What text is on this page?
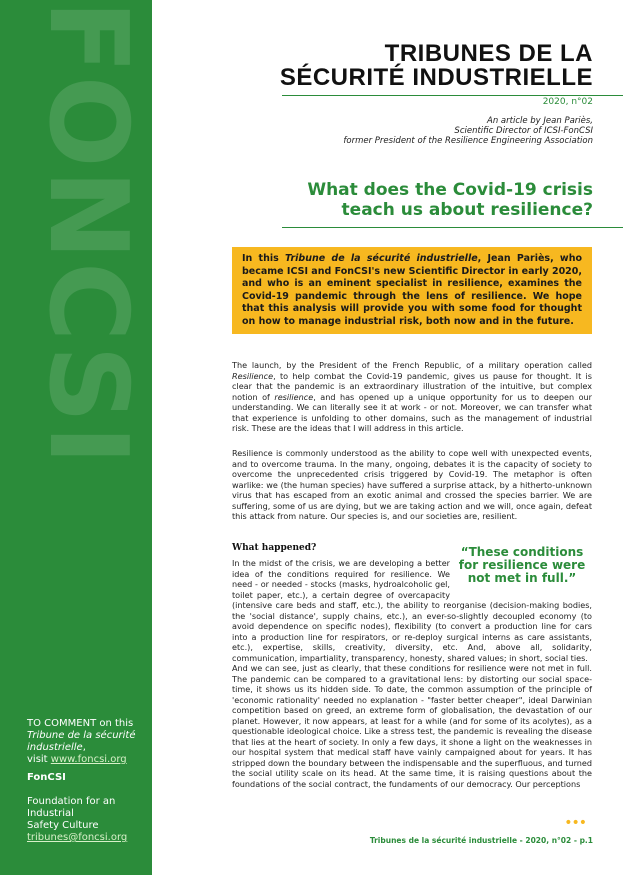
FONCSI
TO COMMENT on this Tribune de la sécurité industrielle,
visit www.foncsi.org
FonCSI
Foundation for an Industrial
Safety Culture
tribunes@foncsi.org
TRIBUNES DE LA
SÉCURITÉ INDUSTRIELLE
2020, n°02
An article by Jean Pariès,
Scientific Director of ICSI-FonCSI
former President of the Resilience Engineering Association
What does the Covid-19 crisis
teach us about resilience?
In this Tribune de la sécurité industrielle, Jean Pariès, who became ICSI and FonCSI's new Scientific Director in early 2020, and who is an eminent specialist in resilience, examines the Covid-19 pandemic through the lens of resilience. We hope that this analysis will provide you with some food for thought on how to manage industrial risk, both now and in the future.
The launch, by the President of the French Republic, of a military operation called Resilience, to help combat the Covid-19 pandemic, gives us pause for thought. It is clear that the pandemic is an extraordinary illustration of the intuitive, but complex notion of resilience, and has opened up a unique opportunity for us to deepen our understanding. We can literally see it at work - or not. Moreover, we can transfer what that experience is unfolding to other domains, such as the management of industrial risk. These are the ideas that I will address in this article.
Resilience is commonly understood as the ability to cope well with unexpected events, and to overcome trauma. In the many, ongoing, debates it is the capacity of society to overcome the unprecedented crisis triggered by Covid-19. The metaphor is often warlike: we (the human species) have suffered a surprise attack, by a hitherto-unknown virus that has escaped from an exotic animal and crossed the species barrier. We are suffering, some of us are dying, but we are taking action and we will, once again, defeat this attack from nature. Our species is, and our societies are, resilient.
What happened?
In the midst of the crisis, we are developing a better idea of the conditions required for resilience. We need - or needed - stocks (masks, hydroalcoholic gel, toilet paper, etc.), a certain degree of overcapacity (intensive care beds and staff, etc.), the ability to reorganise (decision-making bodies, the 'social distance', supply chains, etc.), an ever-so-slightly decoupled economy (to avoid dependence on specific nodes), flexibility (to convert a production line for cars into a production line for respirators, or re-deploy surgical interns as care assistants, etc.), expertise, skills, creativity, diversity, etc. And, above all, solidarity, communication, impartiality, transparency, honesty, shared values; in short, social ties.
And we can see, just as clearly, that these conditions for resilience were not met in full. The pandemic can be compared to a gravitational lens: by distorting our social space-time, it shows us its hidden side. To date, the common assumption of the principle of 'economic rationality' needed no explanation - "faster better cheaper", ideal Darwinian competition based on greed, an extreme form of globalisation, the devastation of our planet. However, it now appears, at least for a while (and for some of its acolytes), as a questionable ideological choice. Like a stress test, the pandemic is revealing the disease that lies at the heart of society. In only a few days, it shone a light on the weaknesses in our hospital system that medical staff have vainly campaigned about for years. It has stripped down the boundary between the indispensable and the superfluous, and turned the social utility scale on its head. At the same time, it is raising questions about the foundations of the social contract, the fundaments of our democracy. Our perceptions
“These conditions for resilience were not met in full.”
•••
Tribunes de la sécurité industrielle - 2020, n°02 - p.1
